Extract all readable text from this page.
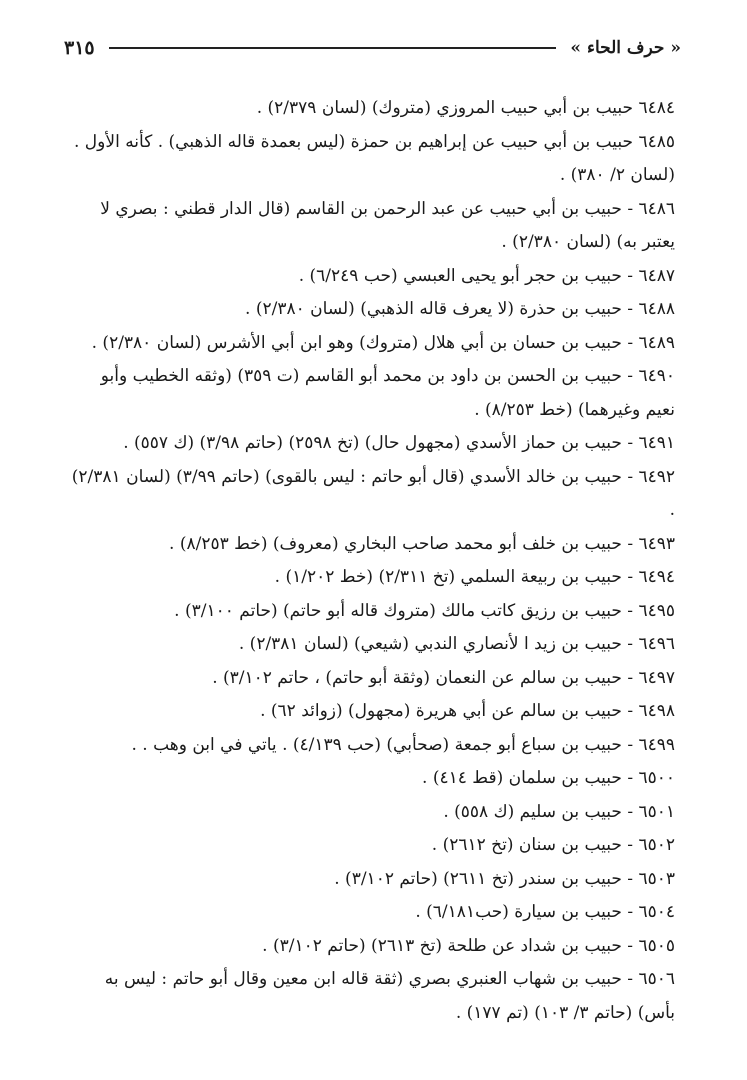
« حرف الحاء »
٣١٥

٦٤٨٤ حبيب بن أبي حبيب المروزي (متروك) (لسان ٢/٣٧٩) .

٦٤٨٥ حبيب بن أبي حبيب عن إبراهيم بن حمزة (ليس بعمدة قاله الذهبي) . كأنه الأول . (لسان ٢/ ٣٨٠) .

٦٤٨٦ - حبيب بن أبي حبيب عن عبد الرحمن بن القاسم (قال الدار قطني : بصري لا يعتبر به) (لسان ٢/٣٨٠) .

٦٤٨٧ - حبيب بن حجر أبو يحيى العبسي (حب ٦/٢٤٩) .

٦٤٨٨ - حبيب بن حذرة (لا يعرف قاله الذهبي) (لسان ٢/٣٨٠) .

٦٤٨٩ - حبيب بن حسان بن أبي هلال (متروك) وهو ابن أبي الأشرس (لسان ٢/٣٨٠) .

٦٤٩٠ - حبيب بن الحسن بن داود بن محمد أبو القاسم (ت ٣٥٩) (وثقه الخطيب وأبو نعيم وغيرهما) (خط ٨/٢٥٣) .

٦٤٩١ - حبيب بن حماز الأسدي (مجهول حال) (تخ ٢٥٩٨) (حاتم ٣/٩٨) (ك ٥٥٧) .

٦٤٩٢ - حبيب بن خالد الأسدي (قال أبو حاتم : ليس بالقوى) (حاتم ٣/٩٩) (لسان ٢/٣٨١) .

٦٤٩٣ - حبيب بن خلف أبو محمد صاحب البخاري (معروف) (خط ٨/٢٥٣) .

٦٤٩٤ - حبيب بن ربيعة السلمي (تخ ٢/٣١١) (خط ١/٢٠٢) .

٦٤٩٥ - حبيب بن رزيق كاتب مالك (متروك قاله أبو حاتم) (حاتم ٣/١٠٠) .

٦٤٩٦ - حبيب بن زيد ا لأنصاري الندبي (شيعي) (لسان ٢/٣٨١) .

٦٤٩٧ - حبيب بن سالم عن النعمان (وثقة أبو حاتم) ، حاتم ٣/١٠٢) .

٦٤٩٨ - حبيب بن سالم عن أبي هريرة (مجهول) (زوائد ٦٢) .

٦٤٩٩ - حبيب بن سباع أبو جمعة (صحأبي) (حب ٤/١٣٩) . ياتي في ابن وهب . .

٦٥٠٠ - حبيب بن سلمان (قط ٤١٤) .

٦٥٠١ - حبيب بن سليم (ك ٥٥٨) .

٦٥٠٢ - حبيب بن سنان (تخ ٢٦١٢) .

٦٥٠٣ - حبيب بن سندر (تخ ٢٦١١) (حاتم ٣/١٠٢) .

٦٥٠٤ - حبيب بن سيارة (حب٦/١٨١) .

٦٥٠٥ - حبيب بن شداد عن طلحة (تخ ٢٦١٣) (حاتم ٣/١٠٢) .

٦٥٠٦ - حبيب بن شهاب العنبري بصري (ثقة قاله ابن معين وقال أبو حاتم : ليس به بأس) (حاتم ٣/ ١٠٣) (تم ١٧٧) .
